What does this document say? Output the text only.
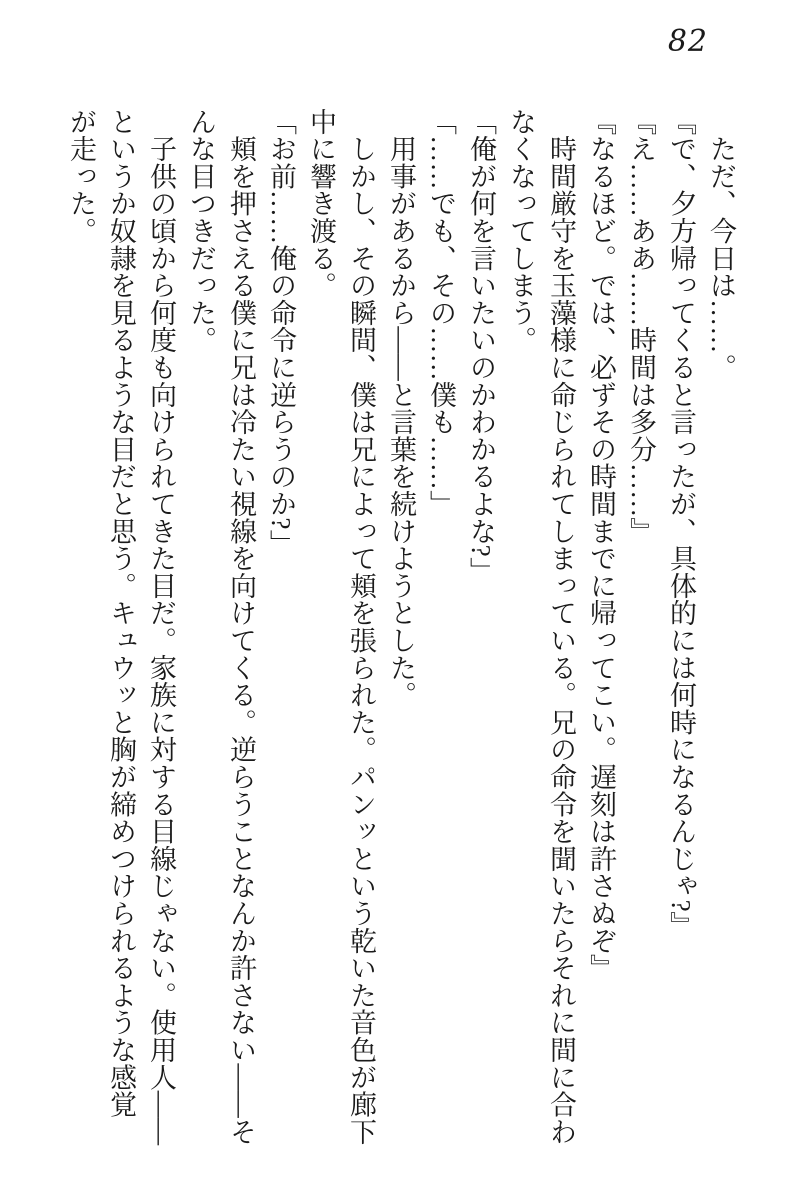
82
　ただ、今日は……。
『で、夕方帰ってくると言ったが、具体的には何時になるんじゃ?』
『え……ああ……時間は多分……』
『なるほど。では、必ずその時間までに帰ってこい。遅刻は許さぬぞ』
　時間厳守を玉藻様に命じられてしまっている。兄の命令を聞いたらそれに間に合わ
なくなってしまう。
「俺が何を言いたいのかわかるよな?」
「……でも、その……僕も……」
　用事があるから――と言葉を続けようとした。
　しかし、その瞬間、僕は兄によって頬を張られた。パンッという乾いた音色が廊下
中に響き渡る。
「お前……俺の命令に逆らうのか?」
　頬を押さえる僕に兄は冷たい視線を向けてくる。逆らうことなんか許さない――そ
んな目つきだった。
　子供の頃から何度も向けられてきた目だ。家族に対する目線じゃない。使用人――
というか奴隷を見るような目だと思う。キュウッと胸が締めつけられるような感覚
が走った。
